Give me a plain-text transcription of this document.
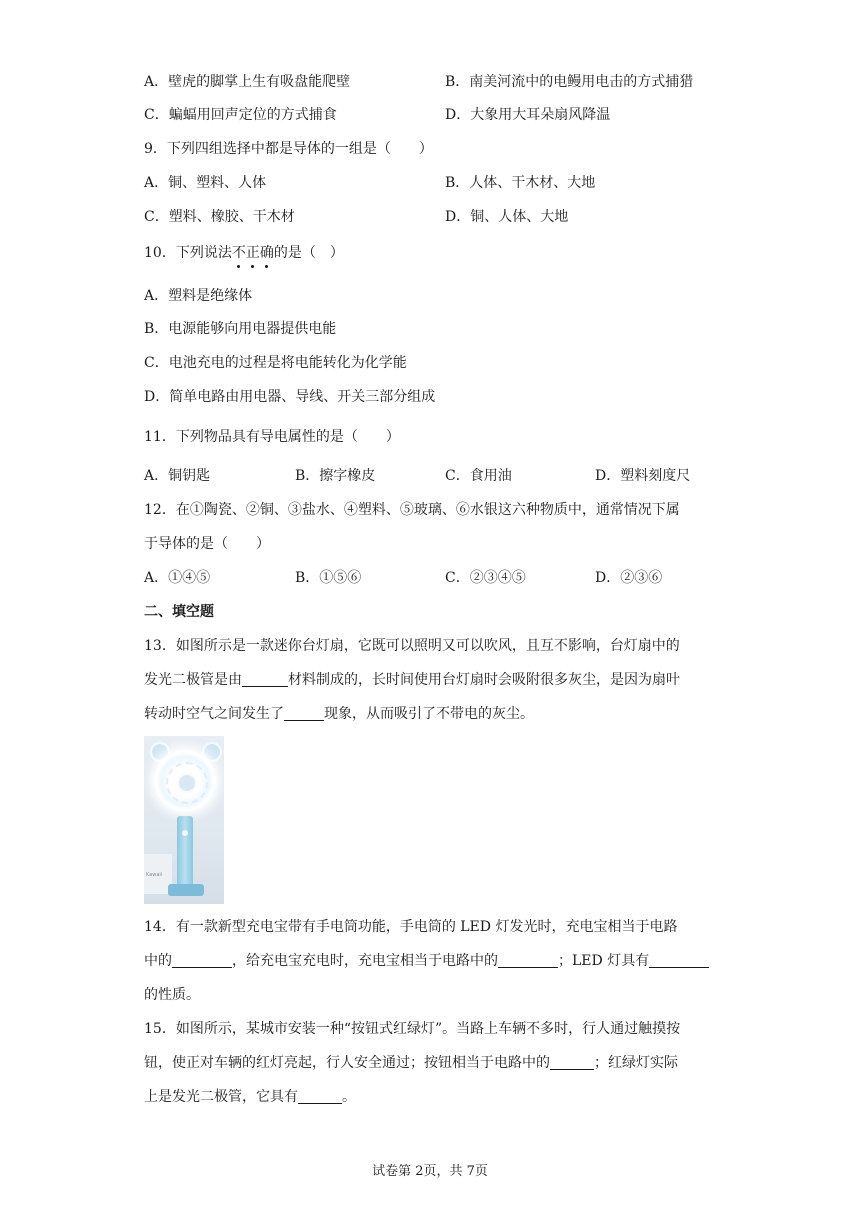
A．壁虎的脚掌上生有吸盘能爬壁	B．南美河流中的电鳗用电击的方式捕猎
C．蝙蝠用回声定位的方式捕食	D．大象用大耳朵扇风降温
9．下列四组选择中都是导体的一组是（　　）
A．铜、塑料、人体	B．人体、干木材、大地
C．塑料、橡胶、干木材	D．铜、人体、大地
10．下列说法不正确的是（　）
A．塑料是绝缘体
B．电源能够向用电器提供电能
C．电池充电的过程是将电能转化为化学能
D．简单电路由用电器、导线、开关三部分组成
11．下列物品具有导电属性的是（　　）
A．铜钥匙	B．擦字橡皮	C．食用油	D．塑料刻度尺
12．在①陶瓷、②铜、③盐水、④塑料、⑤玻璃、⑥水银这六种物质中，通常情况下属
于导体的是（　　）
A．①④⑤	B．①⑤⑥	C．②③④⑤	D．②③⑥
二、填空题
13．如图所示是一款迷你台灯扇，它既可以照明又可以吹风，且互不影响，台灯扇中的
发光二极管是由	材料制成的，长时间使用台灯扇时会吸附很多灰尘，是因为扇叶
转动时空气之间发生了	现象，从而吸引了不带电的灰尘。
Kawaii
14．有一款新型充电宝带有手电筒功能，手电筒的 LED 灯发光时，充电宝相当于电路
中的	，给充电宝充电时，充电宝相当于电路中的	；LED 灯具有
的性质。
15．如图所示，某城市安装一种“按钮式红绿灯”。当路上车辆不多时，行人通过触摸按
钮，使正对车辆的红灯亮起，行人安全通过；按钮相当于电路中的	；红绿灯实际
上是发光二极管，它具有	。
试卷第 2页，共 7页
